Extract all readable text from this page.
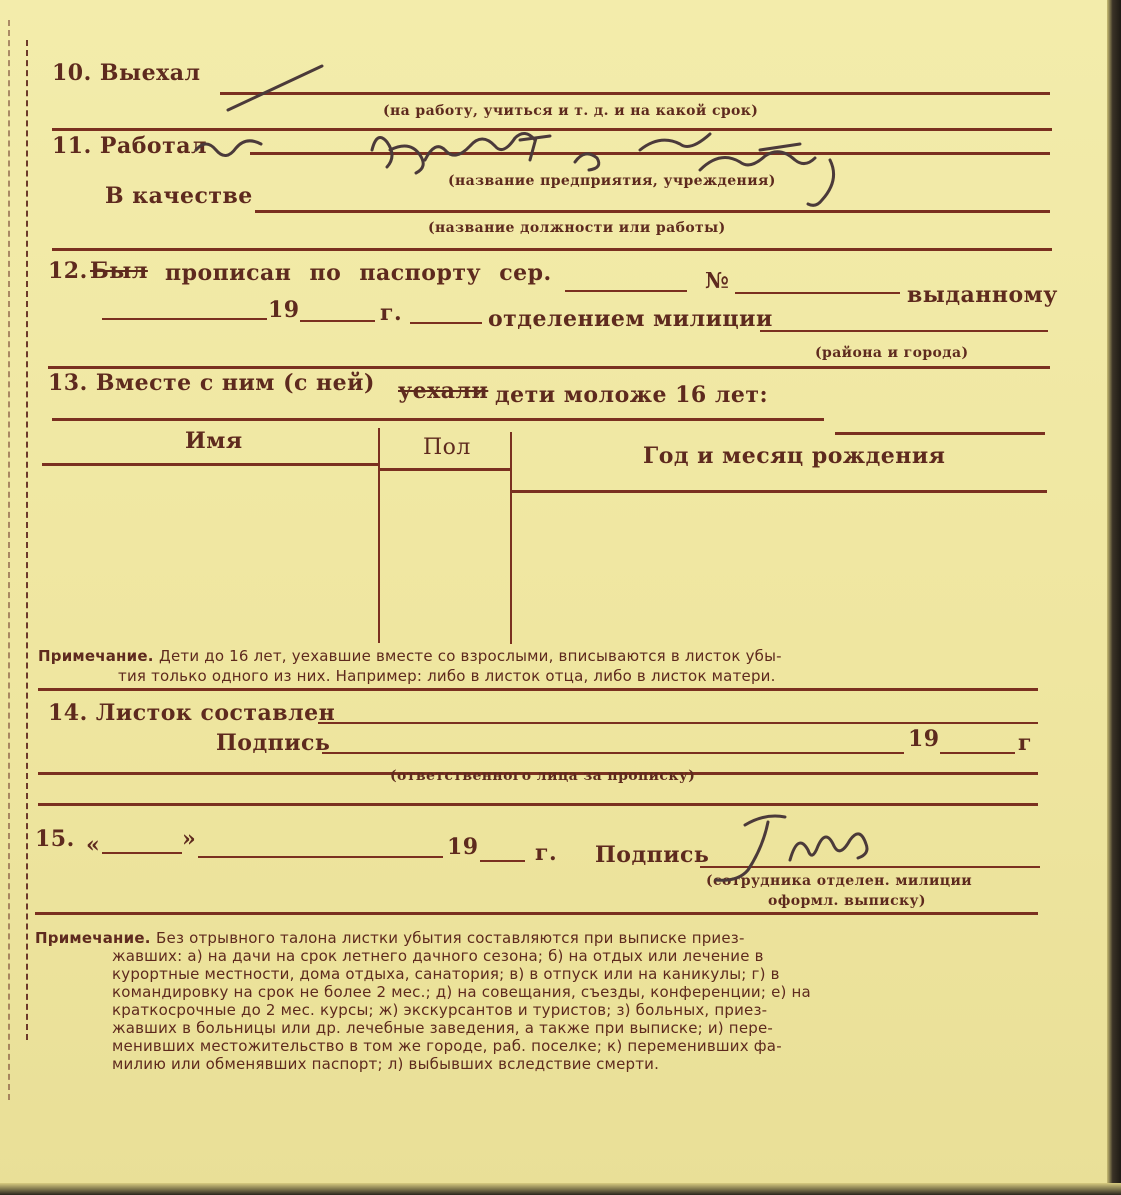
10. Выехал
(на работу, учиться и т. д. и на какой срок)
11. Работал
(название предприятия, учреждения)
В качестве
(название должности или работы)
12. Был прописан по паспорту сер.	№
выданному
19	г.	отделением милиции
(района и города)
13. Вместе с ним (с ней) уехали дети моложе 16 лет:
Имя	Пол	Год и месяц рождения
Примечание. Дети до 16 лет, уехавшие вместе со взрослыми, вписываются в листок убы-
тия только одного из них. Например: либо в листок отца, либо в листок матери.
14. Листок составлен
Подпись	19	г
(ответственного лица за прописку)
15. «	»	19	г. Подпись
(сотрудника отделен. милиции
оформл. выписку)
Примечание. Без отрывного талона листки убытия составляются при выписке приез-
жавших: а) на дачи на срок летнего дачного сезона; б) на отдых или лечение в
курортные местности, дома отдыха, санатория; в) в отпуск или на каникулы; г) в
командировку на срок не более 2 мес.; д) на совещания, съезды, конференции; е) на
краткосрочные до 2 мес. курсы; ж) экскурсантов и туристов; з) больных, приез-
жавших в больницы или др. лечебные заведения, а также при выписке; и) пере-
менивших местожительство в том же городе, раб. поселке; к) переменивших фа-
милию или обменявших паспорт; л) выбывших вследствие смерти.
